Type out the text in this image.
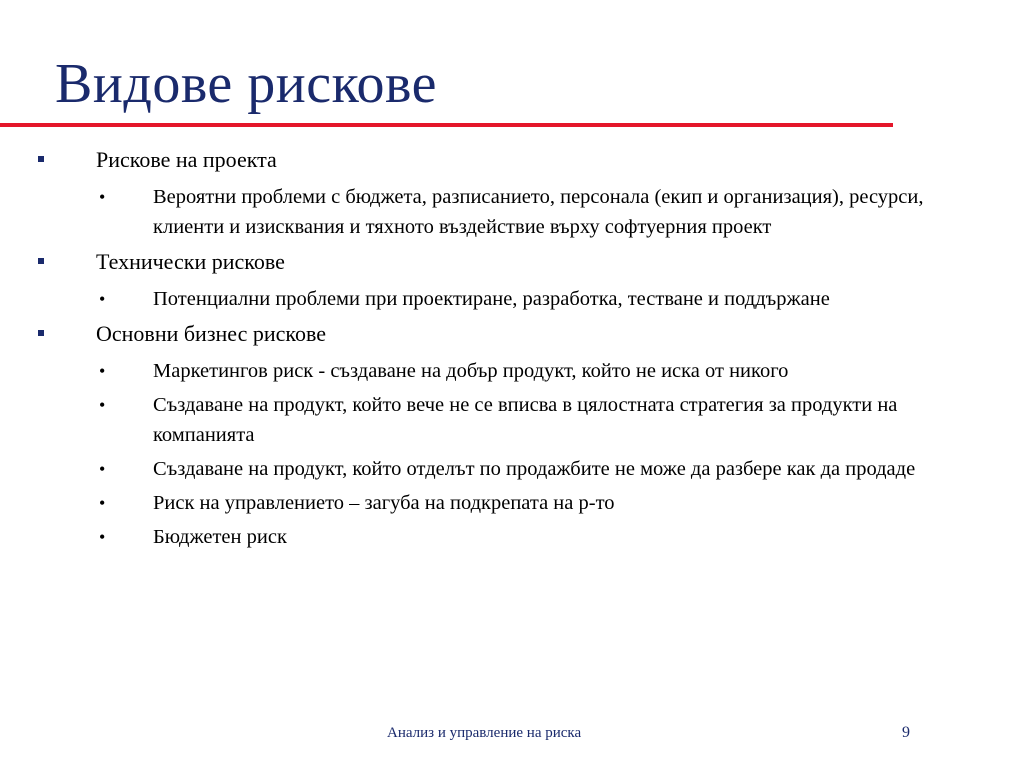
Видове рискове
Рискове на проекта
• Вероятни проблеми с бюджета, разписанието, персонала (екип и организация), ресурси, клиенти и изисквания и тяхното въздействие върху софтуерния проект
Технически рискове
• Потенциални проблеми при проектиране, разработка, тестване и поддържане
Основни бизнес рискове
• Маркетингов риск - създаване на добър продукт, който не иска от никого
• Създаване на продукт, който вече не се вписва в цялостната стратегия за продукти на компанията
• Създаване на продукт, който отделът по продажбите не може да разбере как да продаде
• Риск на управлението – загуба на подкрепата на р-то
• Бюджетен риск
Анализ и управление на риска	9
